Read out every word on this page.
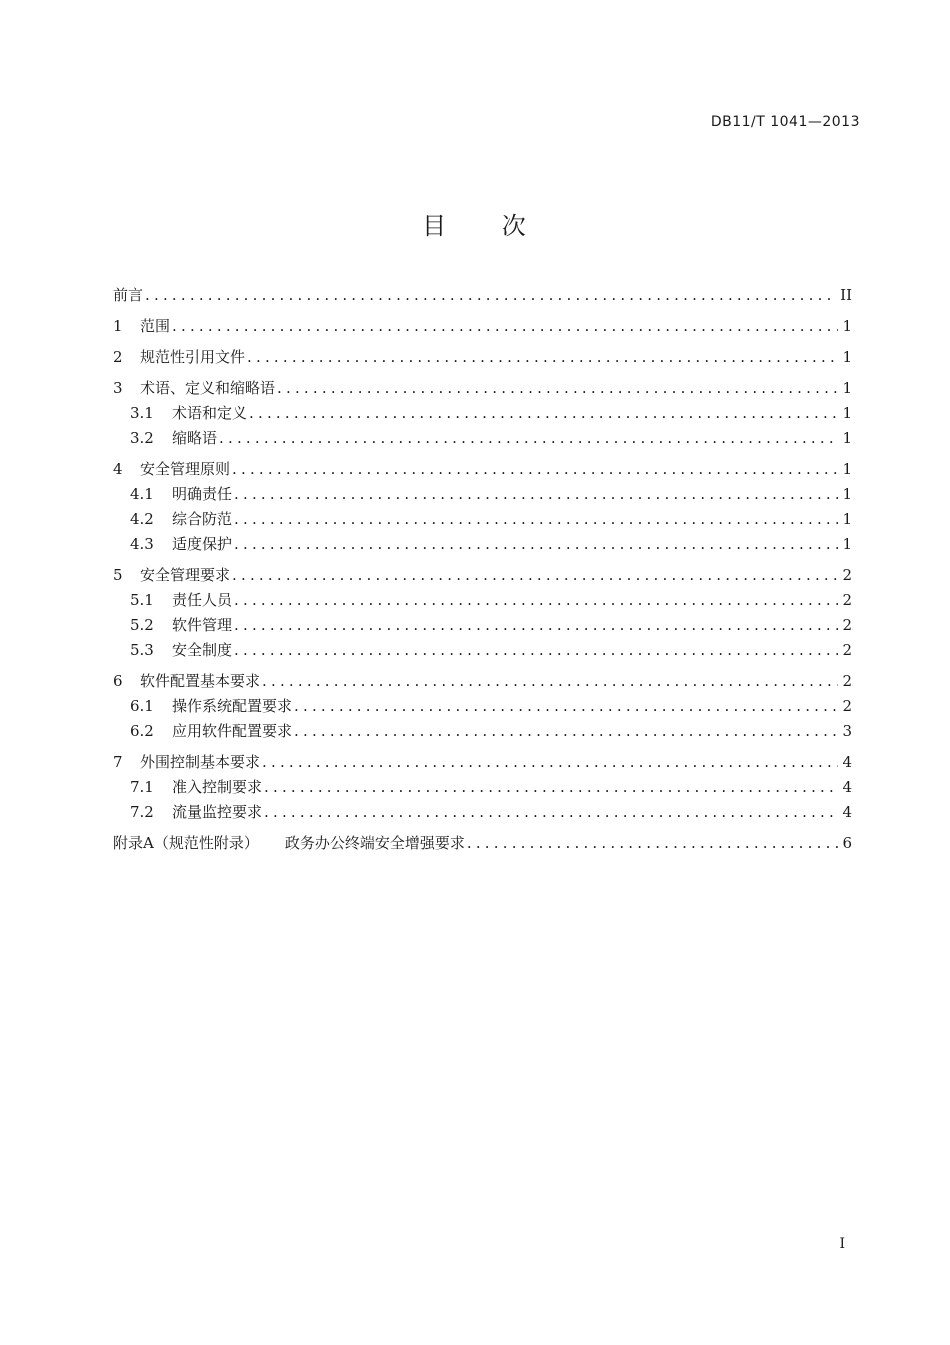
DB11/T 1041—2013
目 次
前言 .....	II
1	范围 .....	1
2	规范性引用文件 .....	1
3	术语、定义和缩略语 .....	1
3.1	术语和定义 .....	1
3.2	缩略语 .....	1
4	安全管理原则 .....	1
4.1	明确责任 .....	1
4.2	综合防范 .....	1
4.3	适度保护 .....	1
5	安全管理要求 .....	2
5.1	责任人员 .....	2
5.2	软件管理 .....	2
5.3	安全制度 .....	2
6	软件配置基本要求 .....	2
6.1	操作系统配置要求 .....	2
6.2	应用软件配置要求 .....	3
7	外围控制基本要求 .....	4
7.1	准入控制要求 .....	4
7.2	流量监控要求 .....	4
附录A（规范性附录） 政务办公终端安全增强要求 .....	6
I
